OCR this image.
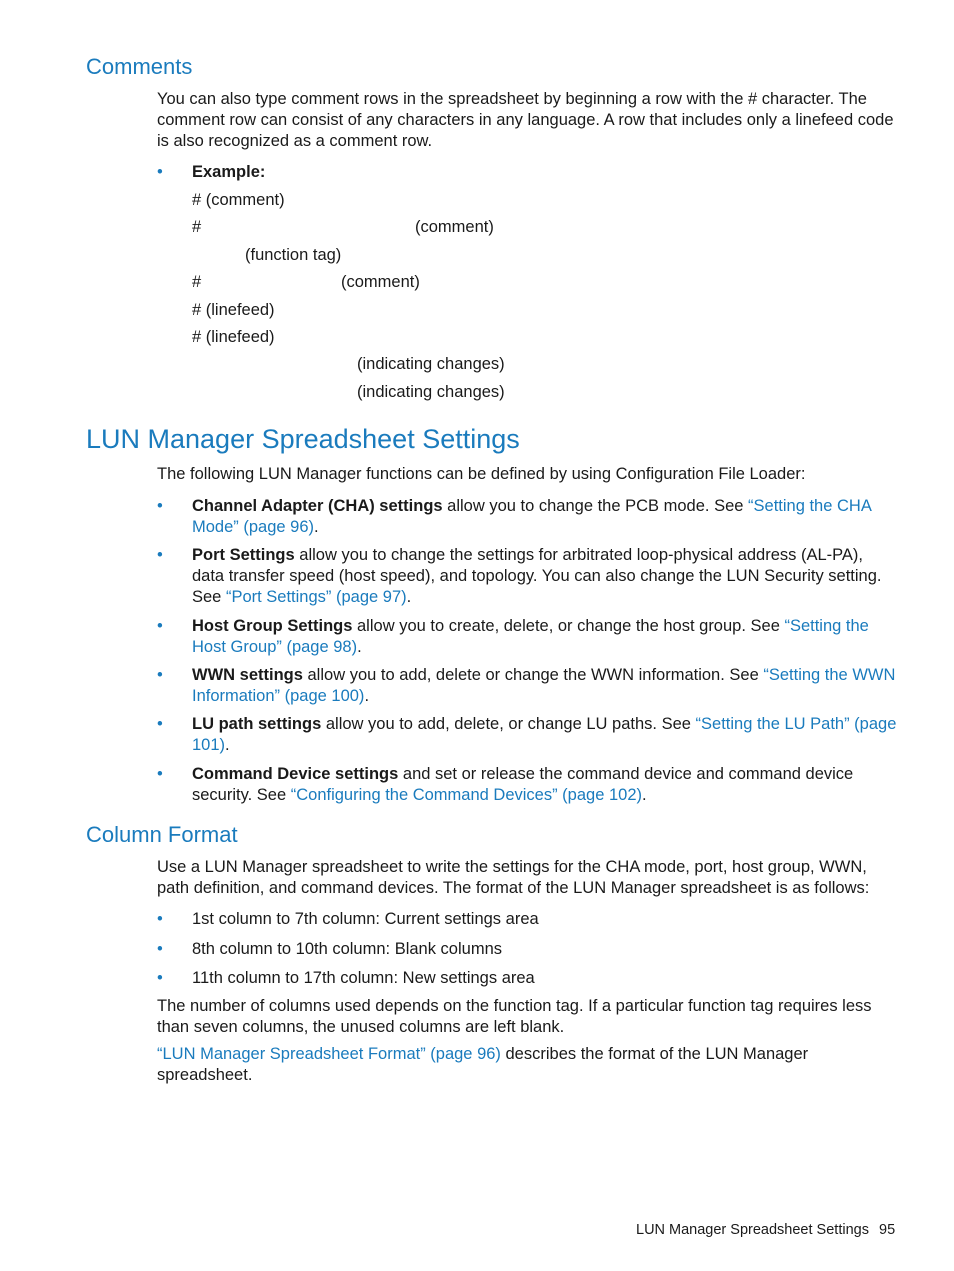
Comments

You can also type comment rows in the spreadsheet by beginning a row with the # character. The comment row can consist of any characters in any language. A row that includes only a linefeed code is also recognized as a comment row.

• Example:

# (comment)
#	(comment)
(function tag)
#	(comment)
# (linefeed)
# (linefeed)
(indicating changes)
(indicating changes)
LUN Manager Spreadsheet Settings

The following LUN Manager functions can be defined by using Configuration File Loader:

• Channel Adapter (CHA) settings allow you to change the PCB mode. See “Setting the CHA Mode” (page 96).

• Port Settings allow you to change the settings for arbitrated loop-physical address (AL-PA), data transfer speed (host speed), and topology. You can also change the LUN Security setting. See “Port Settings” (page 97).

• Host Group Settings allow you to create, delete, or change the host group. See “Setting the Host Group” (page 98).

• WWN settings allow you to add, delete or change the WWN information. See “Setting the WWN Information” (page 100).

• LU path settings allow you to add, delete, or change LU paths. See “Setting the LU Path” (page 101).

• Command Device settings and set or release the command device and command device security. See “Configuring the Command Devices” (page 102).

Column Format

Use a LUN Manager spreadsheet to write the settings for the CHA mode, port, host group, WWN, path definition, and command devices. The format of the LUN Manager spreadsheet is as follows:

• 1st column to 7th column: Current settings area

• 8th column to 10th column: Blank columns

• 11th column to 17th column: New settings area

The number of columns used depends on the function tag. If a particular function tag requires less than seven columns, the unused columns are left blank.

“LUN Manager Spreadsheet Format” (page 96) describes the format of the LUN Manager spreadsheet.

LUN Manager Spreadsheet Settings 95
